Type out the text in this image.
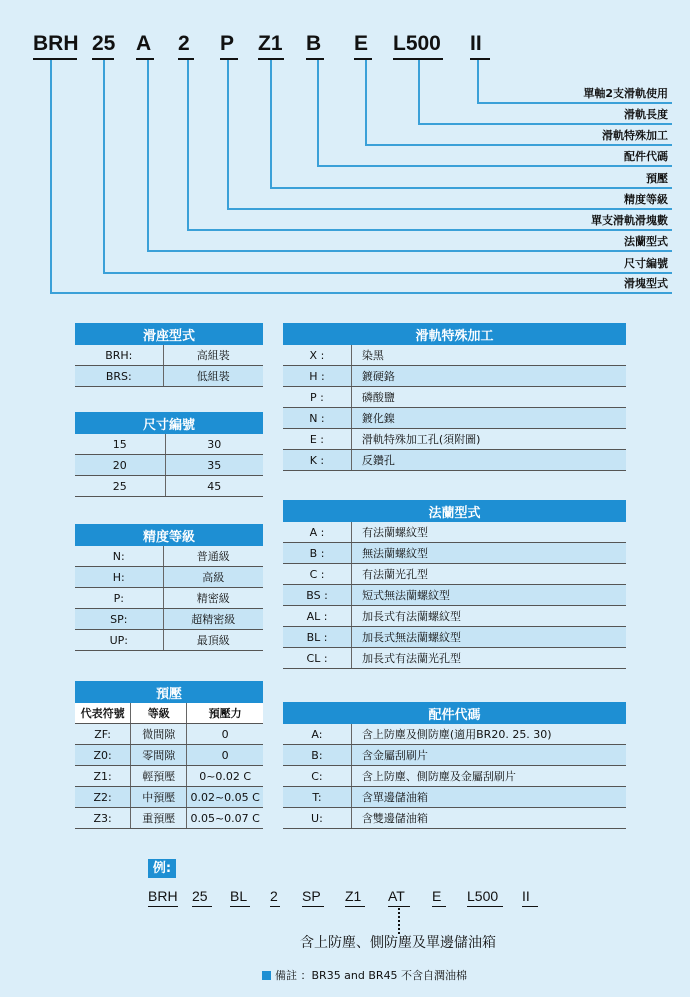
滑座型式	
BRH:	高組裝
BRS:	低組裝
尺寸編號	
15	30
20	35
25	45
精度等級	
N:	普通級
H:	高級
P:	精密級
SP:	超精密級
UP:	最頂級
預壓		
代表符號	等級	預壓力
ZF:	微間隙	0
Z0:	零間隙	0
Z1:	輕預壓	0~0.02 C
Z2:	中預壓	0.02~0.05 C
Z3:	重預壓	0.05~0.07 C
滑軌特殊加工	
X :	染黑
H :	鍍硬鉻
P :	磷酸鹽
N :	鍍化鎳
E :	滑軌特殊加工孔(須附圖)
K :	反鑽孔
法蘭型式	
A :	有法蘭螺紋型
B :	無法蘭螺紋型
C :	有法蘭光孔型
BS :	短式無法蘭螺紋型
AL :	加長式有法蘭螺紋型
BL :	加長式無法蘭螺紋型
CL :	加長式有法蘭光孔型
配件代碼	
A:	含上防塵及側防塵(適用BR20. 25. 30)
B:	含金屬刮刷片
C:	含上防塵、側防塵及金屬刮刷片
T:	含單邊儲油箱
U:	含雙邊儲油箱
例:
含上防塵、側防塵及單邊儲油箱
備註 ：BR35 and BR45 不含自潤油棉
BRH 25 A 2 P Z1 B E L500 II
單軸2支滑軌使用
滑軌長度
滑軌特殊加工
配件代碼
預壓
精度等級
單支滑軌滑塊數
法蘭型式
尺寸編號
滑塊型式
BRH 25 BL 2 SP Z1 AT E L500 II
